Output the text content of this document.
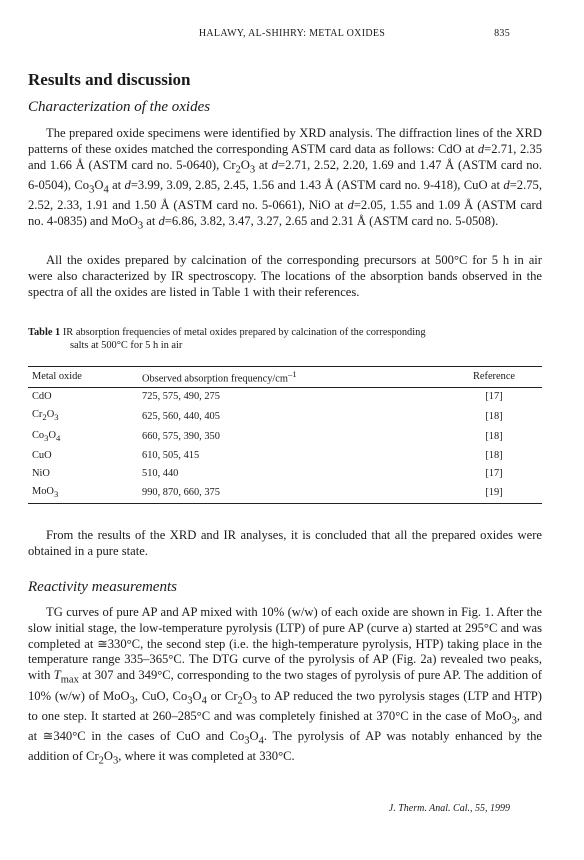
HALAWY, AL-SHIHRY: METAL OXIDES	835
Results and discussion
Characterization of the oxides

The prepared oxide specimens were identified by XRD analysis. The diffraction lines of the XRD patterns of these oxides matched the corresponding ASTM card data as follows: CdO at d=2.71, 2.35 and 1.66 Å (ASTM card no. 5-0640), $Cr_2O_3$ at d=2.71, 2.52, 2.20, 1.69 and 1.47 Å (ASTM card no. 6-0504), $Co_3O_4$ at d=3.99, 3.09, 2.85, 2.45, 1.56 and 1.43 Å (ASTM card no. 9-418), CuO at d=2.75, 2.52, 2.33, 1.91 and 1.50 Å (ASTM card no. 5-0661), NiO at d=2.05, 1.55 and 1.09 Å (ASTM card no. 4-0835) and MoO$_3$ at d=6.86, 3.82, 3.47, 3.27, 2.65 and 2.31 Å (ASTM card no. 5-0508).

All the oxides prepared by calcination of the corresponding precursors at 500°C for 5 h in air were also characterized by IR spectroscopy. The locations of the absorption bands observed in the spectra of all the oxides are listed in Table 1 with their references.

Table 1 IR absorption frequencies of metal oxides prepared by calcination of the corresponding
salts at 500°C for 5 h in air
Metal oxide	Observed absorption frequency/$cm^{-1}$	Reference
CdO	725, 575, 490, 275	[17]
$Cr_2O_3$	625, 560, 440, 405	[18]
$Co_3O_4$	660, 575, 390, 350	[18]
CuO	610, 505, 415	[18]
NiO	510, 440	[17]
MoO$_3$	990, 870, 660, 375	[19]

From the results of the XRD and IR analyses, it is concluded that all the prepared oxides were obtained in a pure state.

Reactivity measurements

TG curves of pure AP and AP mixed with 10% (w/w) of each oxide are shown in Fig. 1. After the slow initial stage, the low-temperature pyrolysis (LTP) of pure AP (curve a) started at 295°C and was completed at ≅330°C, the second step (i.e. the high-temperature pyrolysis, HTP) taking place in the temperature range 335–365°C. The DTG curve of the pyrolysis of AP (Fig. 2a) revealed two peaks, with $T_{max}$ at 307 and 349°C, corresponding to the two stages of pyrolysis of pure AP. The addition of 10% (w/w) of MoO$_3$, CuO, $Co_3O_4$ or $Cr_2O_3$ to AP reduced the two pyrolysis stages (LTP and HTP) to one step. It started at 260–285°C and was completely finished at 370°C in the case of MoO$_3$, and at ≅340°C in the cases of CuO and $Co_3O_4$. The pyrolysis of AP was notably enhanced by the addition of $Cr_2O_3$, where it was completed at 330°C.

J. Therm. Anal. Cal., 55, 1999
